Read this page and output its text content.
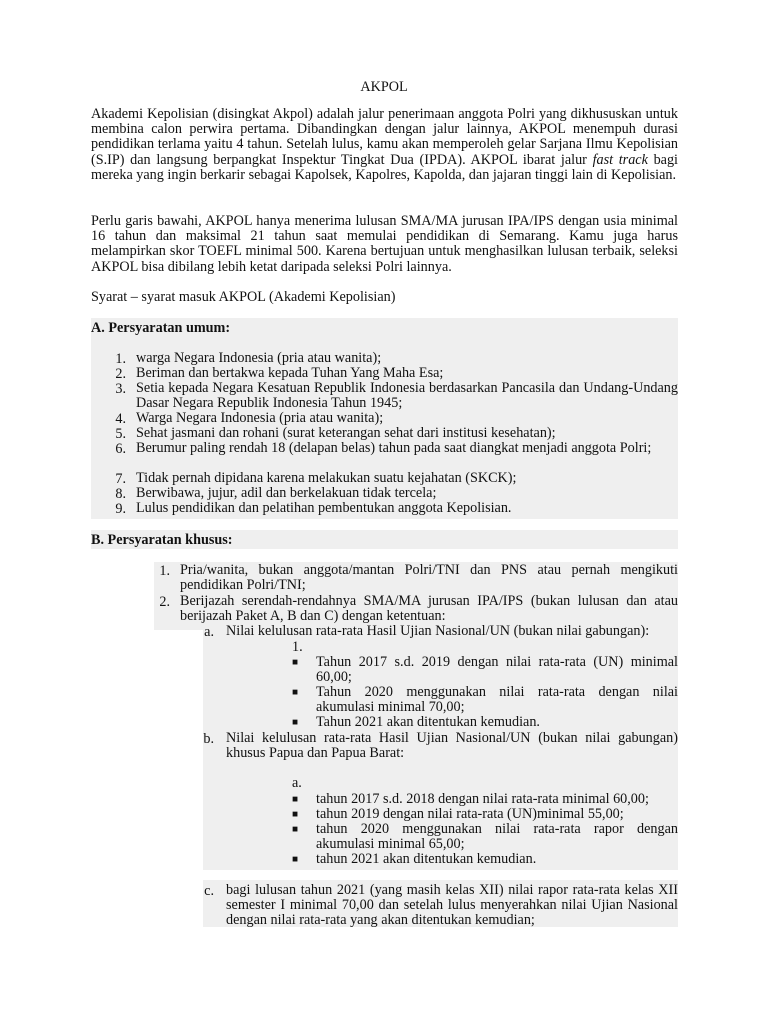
AKPOL

Akademi Kepolisian (disingkat Akpol) adalah jalur penerimaan anggota Polri yang dikhususkan untuk membina calon perwira pertama. Dibandingkan dengan jalur lainnya, AKPOL menempuh durasi pendidikan terlama yaitu 4 tahun. Setelah lulus, kamu akan memperoleh gelar Sarjana Ilmu Kepolisian (S.IP) dan langsung berpangkat Inspektur Tingkat Dua (IPDA). AKPOL ibarat jalur fast track bagi mereka yang ingin berkarir sebagai Kapolsek, Kapolres, Kapolda, dan jajaran tinggi lain di Kepolisian.

Perlu garis bawahi, AKPOL hanya menerima lulusan SMA/MA jurusan IPA/IPS dengan usia minimal 16 tahun dan maksimal 21 tahun saat memulai pendidikan di Semarang. Kamu juga harus melampirkan skor TOEFL minimal 500. Karena bertujuan untuk menghasilkan lulusan terbaik, seleksi AKPOL bisa dibilang lebih ketat daripada seleksi Polri lainnya.

Syarat – syarat masuk AKPOL (Akademi Kepolisian)

A. Persyaratan umum:
1. warga Negara Indonesia (pria atau wanita);
2. Beriman dan bertakwa kepada Tuhan Yang Maha Esa;
3. Setia kepada Negara Kesatuan Republik Indonesia berdasarkan Pancasila dan Undang-Undang Dasar Negara Republik Indonesia Tahun 1945;
4. Warga Negara Indonesia (pria atau wanita);
5. Sehat jasmani dan rohani (surat keterangan sehat dari institusi kesehatan);
6. Berumur paling rendah 18 (delapan belas) tahun pada saat diangkat menjadi anggota Polri;
7. Tidak pernah dipidana karena melakukan suatu kejahatan (SKCK);
8. Berwibawa, jujur, adil dan berkelakuan tidak tercela;
9. Lulus pendidikan dan pelatihan pembentukan anggota Kepolisian.
B. Persyaratan khusus:
1. Pria/wanita, bukan anggota/mantan Polri/TNI dan PNS atau pernah mengikuti pendidikan Polri/TNI;
2. Berijazah serendah-rendahnya SMA/MA jurusan IPA/IPS (bukan lulusan dan atau berijazah Paket A, B dan C) dengan ketentuan:
a. Nilai kelulusan rata-rata Hasil Ujian Nasional/UN (bukan nilai gabungan):
1.
■ Tahun 2017 s.d. 2019 dengan nilai rata-rata (UN) minimal 60,00;
■ Tahun 2020 menggunakan nilai rata-rata dengan nilai akumulasi minimal 70,00;
■ Tahun 2021 akan ditentukan kemudian.
b. Nilai kelulusan rata-rata Hasil Ujian Nasional/UN (bukan nilai gabungan) khusus Papua dan Papua Barat:
a.
■ tahun 2017 s.d. 2018 dengan nilai rata-rata minimal 60,00;
■ tahun 2019 dengan nilai rata-rata (UN)minimal 55,00;
■ tahun 2020 menggunakan nilai rata-rata rapor dengan akumulasi minimal 65,00;
■ tahun 2021 akan ditentukan kemudian.
c. bagi lulusan tahun 2021 (yang masih kelas XII) nilai rapor rata-rata kelas XII semester I minimal 70,00 dan setelah lulus menyerahkan nilai Ujian Nasional dengan nilai rata-rata yang akan ditentukan kemudian;
